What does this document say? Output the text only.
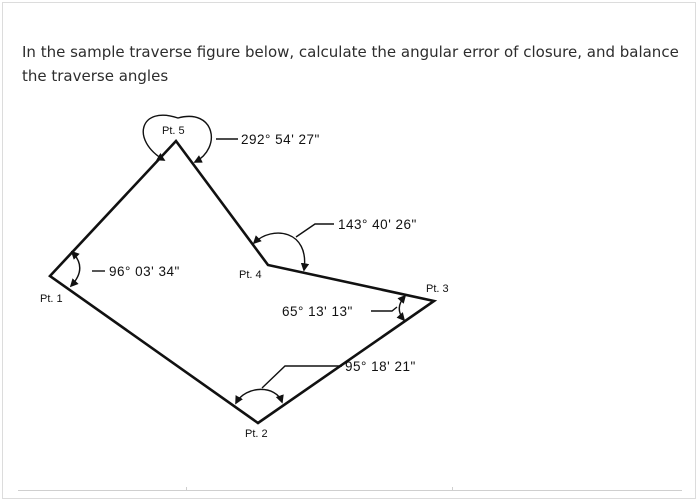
In the sample traverse figure below, calculate the angular error of closure, and balance the traverse angles
Pt. 1
Pt. 2
Pt. 3
Pt. 4
Pt. 5
96° 03' 34"
292° 54' 27"
143° 40' 26"
65° 13' 13"
95° 18' 21"
